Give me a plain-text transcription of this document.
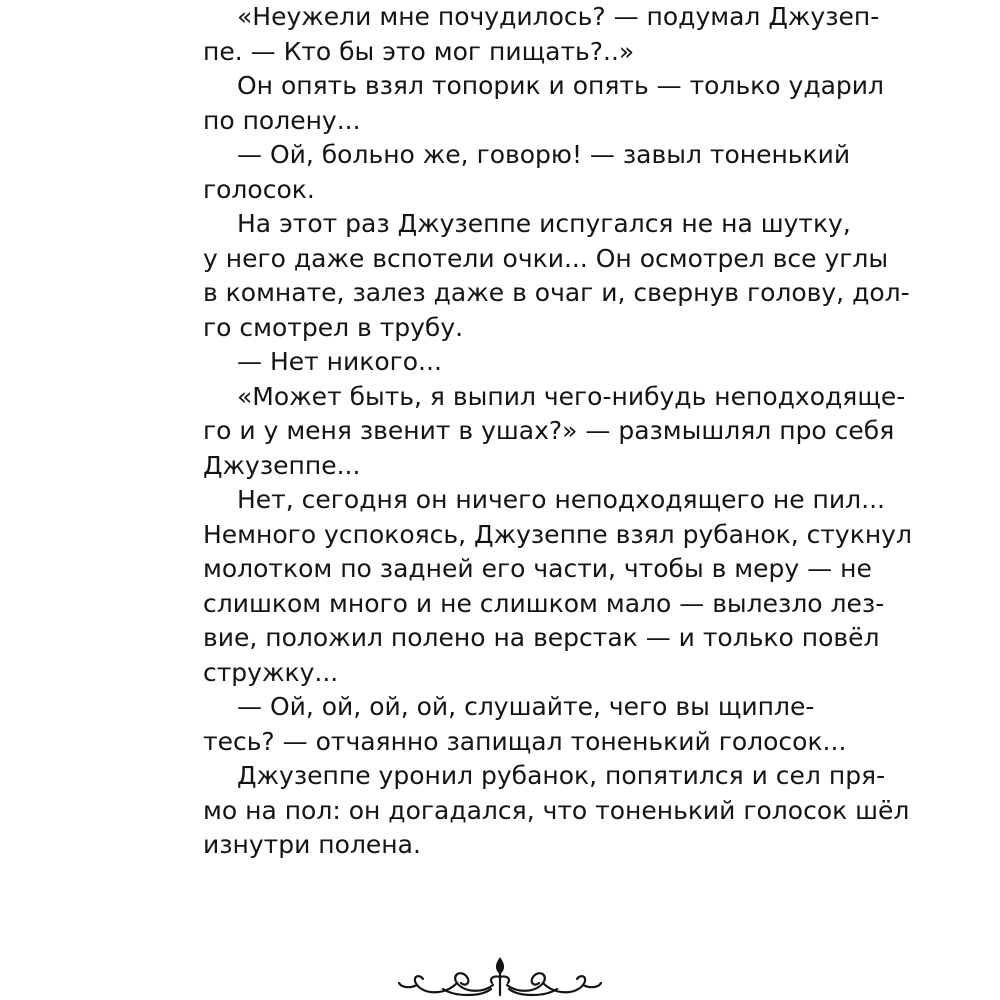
«Неужели мне почудилось? — подумал Джузеп-
пе. — Кто бы это мог пищать?..»
Он опять взял топорик и опять — только ударил
по полену...
— Ой, больно же, говорю! — завыл тоненький
голосок.
На этот раз Джузеппе испугался не на шутку,
у него даже вспотели очки... Он осмотрел все углы
в комнате, залез даже в очаг и, свернув голову, дол-
го смотрел в трубу.
— Нет никого...
«Может быть, я выпил чего-нибудь неподходяще-
го и у меня звенит в ушах?» — размышлял про себя
Джузеппе...
Нет, сегодня он ничего неподходящего не пил...
Немного успокоясь, Джузеппе взял рубанок, стукнул
молотком по задней его части, чтобы в меру — не
слишком много и не слишком мало — вылезло лез-
вие, положил полено на верстак — и только повёл
стружку...
— Ой, ой, ой, ой, слушайте, чего вы щипле-
тесь? — отчаянно запищал тоненький голосок...
Джузеппе уронил рубанок, попятился и сел пря-
мо на пол: он догадался, что тоненький голосок шёл
изнутри полена.
